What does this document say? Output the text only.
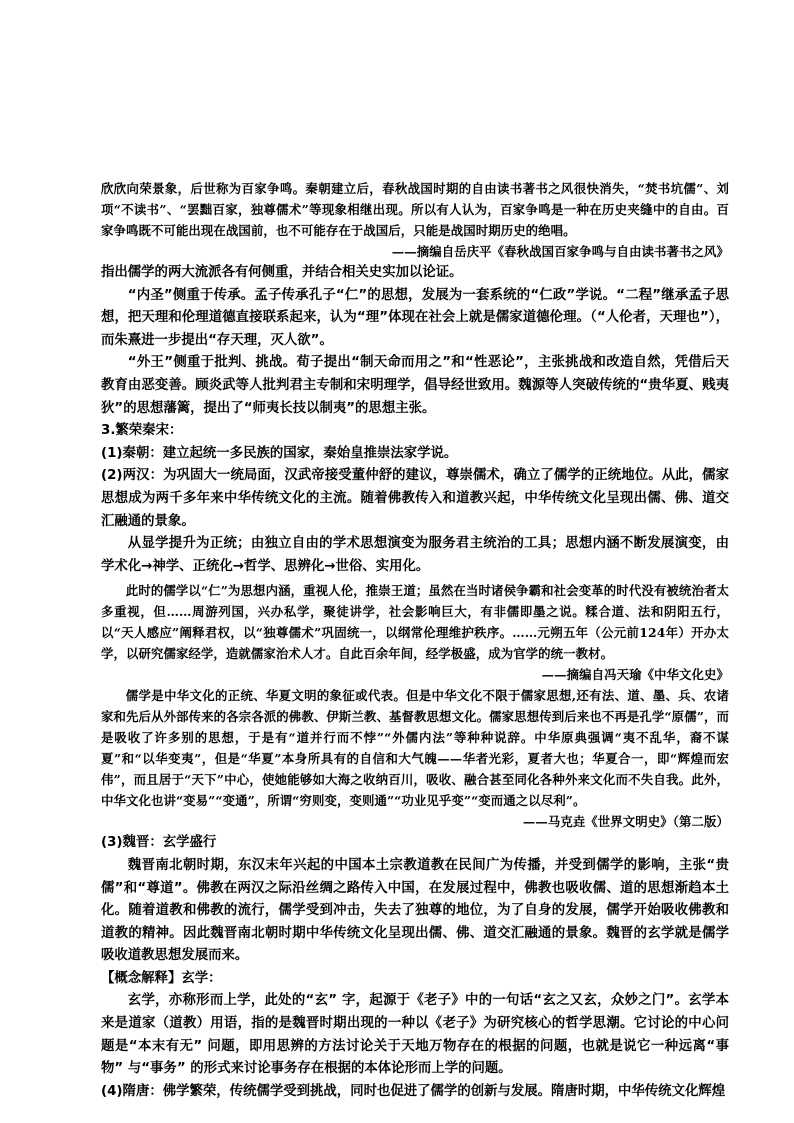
欣欣向荣景象，后世称为百家争鸣。秦朝建立后，春秋战国时期的自由读书著书之风很快消失，“焚书坑儒”、刘项“不读书”、“罢黜百家，独尊儒术”等现象相继出现。所以有人认为，百家争鸣是一种在历史夹缝中的自由。百家争鸣既不可能出现在战国前，也不可能存在于战国后，只能是战国时期历史的绝唱。

——摘编自岳庆平《春秋战国百家争鸣与自由读书著书之风》

指出儒学的两大流派各有何侧重，并结合相关史实加以论证。

“内圣”侧重于传承。孟子传承孔子“仁”的思想，发展为一套系统的“仁政”学说。“二程”继承孟子思想，把天理和伦理道德直接联系起来，认为“理”体现在社会上就是儒家道德伦理。（“人伦者，天理也”），而朱熹进一步提出“存天理，灭人欲”。

“外王”侧重于批判、挑战。荀子提出“制天命而用之”和“性恶论”，主张挑战和改造自然，凭借后天教育由恶变善。顾炎武等人批判君主专制和宋明理学，倡导经世致用。魏源等人突破传统的“贵华夏、贱夷狄”的思想藩篱，提出了“师夷长技以制夷”的思想主张。

3.繁荣秦宋：

(1)秦朝：建立起统一多民族的国家，秦始皇推崇法家学说。

(2)两汉：为巩固大一统局面，汉武帝接受董仲舒的建议，尊崇儒术，确立了儒学的正统地位。从此，儒家思想成为两千多年来中华传统文化的主流。随着佛教传入和道教兴起，中华传统文化呈现出儒、佛、道交汇融通的景象。

从显学提升为正统；由独立自由的学术思想演变为服务君主统治的工具；思想内涵不断发展演变，由学术化→神学、正统化→哲学、思辨化→世俗、实用化。

此时的儒学以“仁”为思想内涵，重视人伦，推崇王道；虽然在当时诸侯争霸和社会变革的时代没有被统治者太多重视，但……周游列国，兴办私学，聚徒讲学，社会影响巨大，有非儒即墨之说。糅合道、法和阴阳五行，以“天人感应”阐释君权，以“独尊儒术”巩固统一，以纲常伦理维护秩序。……元朔五年（公元前124年）开办太学，以研究儒家经学，造就儒家治术人才。自此百余年间，经学极盛，成为官学的统一教材。

——摘编自冯天瑜《中华文化史》

儒学是中华文化的正统、华夏文明的象征或代表。但是中华文化不限于儒家思想,还有法、道、墨、兵、农诸家和先后从外部传来的各宗各派的佛教、伊斯兰教、基督教思想文化。儒家思想传到后来也不再是孔学“原儒”，而是吸收了许多别的思想，于是有“道并行而不悖”“外儒内法”等种种说辞。中华原典强调“夷不乱华，裔不谋夏”和“以华变夷”，但是“华夏”本身所具有的自信和大气魄——华者光彩，夏者大也；华夏合一，即“辉煌而宏伟”，而且居于“天下”中心，使她能够如大海之收纳百川，吸收、融合甚至同化各种外来文化而不失自我。此外，中华文化也讲“变易”“变通”，所谓“穷则变，变则通”“功业见乎变”“变而通之以尽利”。

——马克垚《世界文明史》（第二版）

(3)魏晋：玄学盛行

魏晋南北朝时期，东汉末年兴起的中国本土宗教道教在民间广为传播，并受到儒学的影响，主张“贵儒”和“尊道”。佛教在两汉之际沿丝绸之路传入中国，在发展过程中，佛教也吸收儒、道的思想渐趋本土化。随着道教和佛教的流行，儒学受到冲击，失去了独尊的地位，为了自身的发展，儒学开始吸收佛教和道教的精神。因此魏晋南北朝时期中华传统文化呈现出儒、佛、道交汇融通的景象。魏晋的玄学就是儒学吸收道教思想发展而来。

【概念解释】玄学：

玄学，亦称形而上学，此处的“玄” 字，起源于《老子》中的一句话“玄之又玄，众妙之门”。玄学本来是道家（道教）用语，指的是魏晋时期出现的一种以《老子》为研究核心的哲学思潮。它讨论的中心问题是“本末有无” 问题，即用思辨的方法讨论关于天地万物存在的根据的问题，也就是说它一种远离“事物” 与“事务” 的形式来讨论事务存在根据的本体论形而上学的问题。

(4)隋唐：佛学繁荣，传统儒学受到挑战，同时也促进了儒学的创新与发展。隋唐时期，中华传统文化辉煌
